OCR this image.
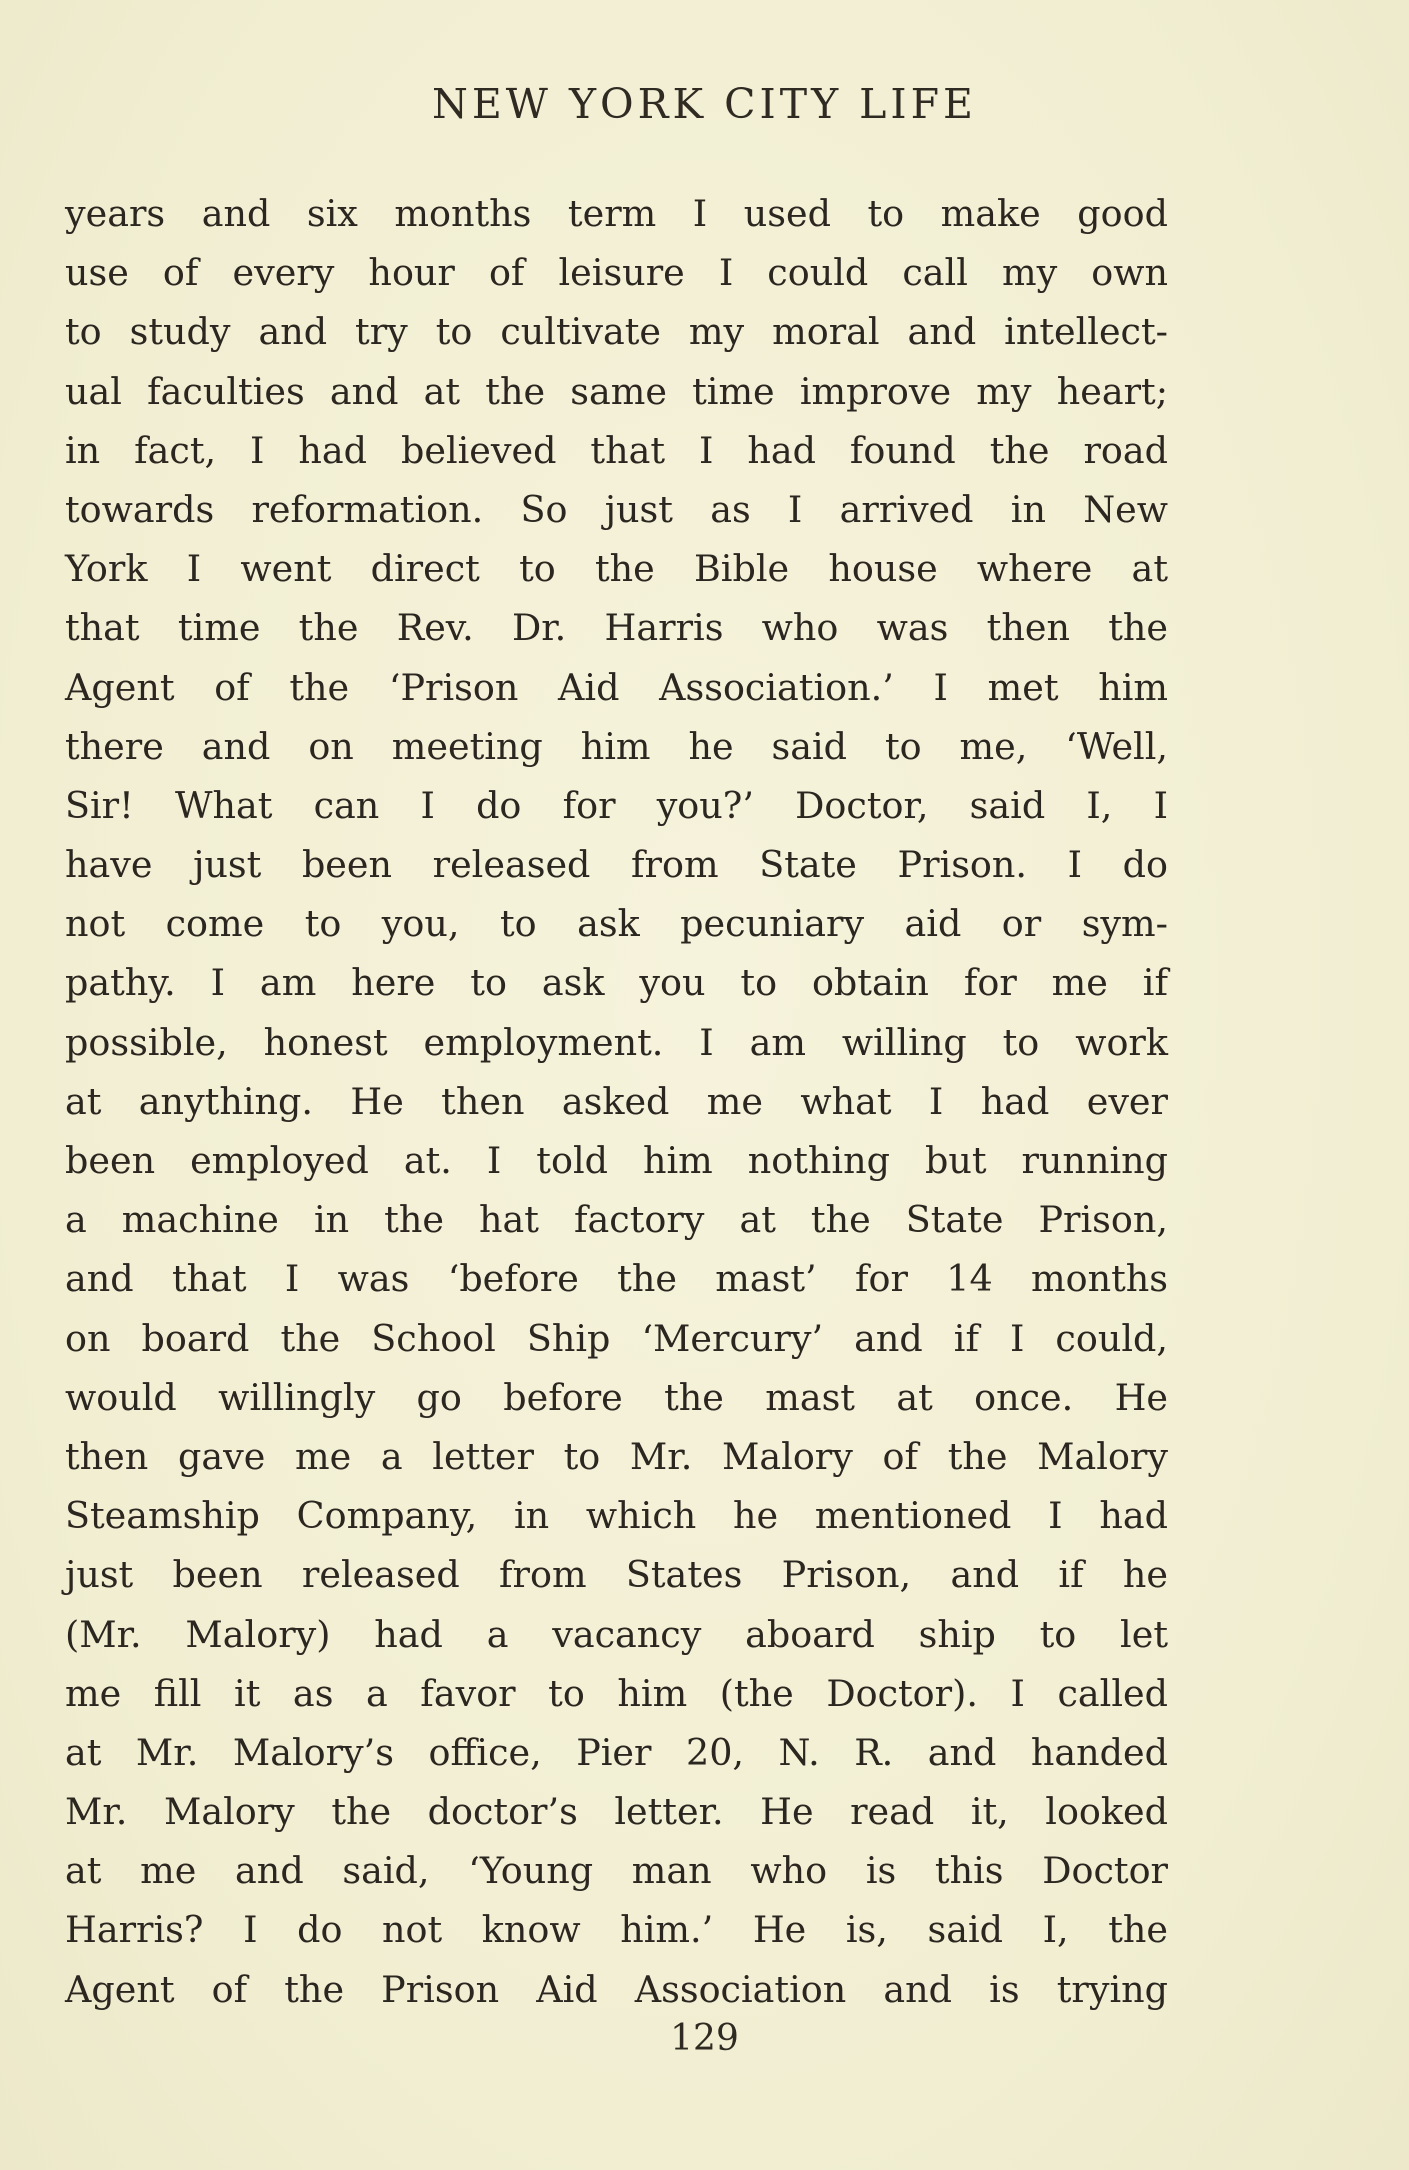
NEW YORK CITY LIFE
years and six months term I used to make good
use of every hour of leisure I could call my own
to study and try to cultivate my moral and intellect-
ual faculties and at the same time improve my heart;
in fact, I had believed that I had found the road
towards reformation. So just as I arrived in New
York I went direct to the Bible house where at
that time the Rev. Dr. Harris who was then the
Agent of the ‘Prison Aid Association.’ I met him
there and on meeting him he said to me, ‘Well,
Sir! What can I do for you?’ Doctor, said I, I
have just been released from State Prison. I do
not come to you, to ask pecuniary aid or sym-
pathy. I am here to ask you to obtain for me if
possible, honest employment. I am willing to work
at anything. He then asked me what I had ever
been employed at. I told him nothing but running
a machine in the hat factory at the State Prison,
and that I was ‘before the mast’ for 14 months
on board the School Ship ‘Mercury’ and if I could,
would willingly go before the mast at once. He
then gave me a letter to Mr. Malory of the Malory
Steamship Company, in which he mentioned I had
just been released from States Prison, and if he
(Mr. Malory) had a vacancy aboard ship to let
me fill it as a favor to him (the Doctor). I called
at Mr. Malory’s office, Pier 20, N. R. and handed
Mr. Malory the doctor’s letter. He read it, looked
at me and said, ‘Young man who is this Doctor
Harris? I do not know him.’ He is, said I, the
Agent of the Prison Aid Association and is trying
129
